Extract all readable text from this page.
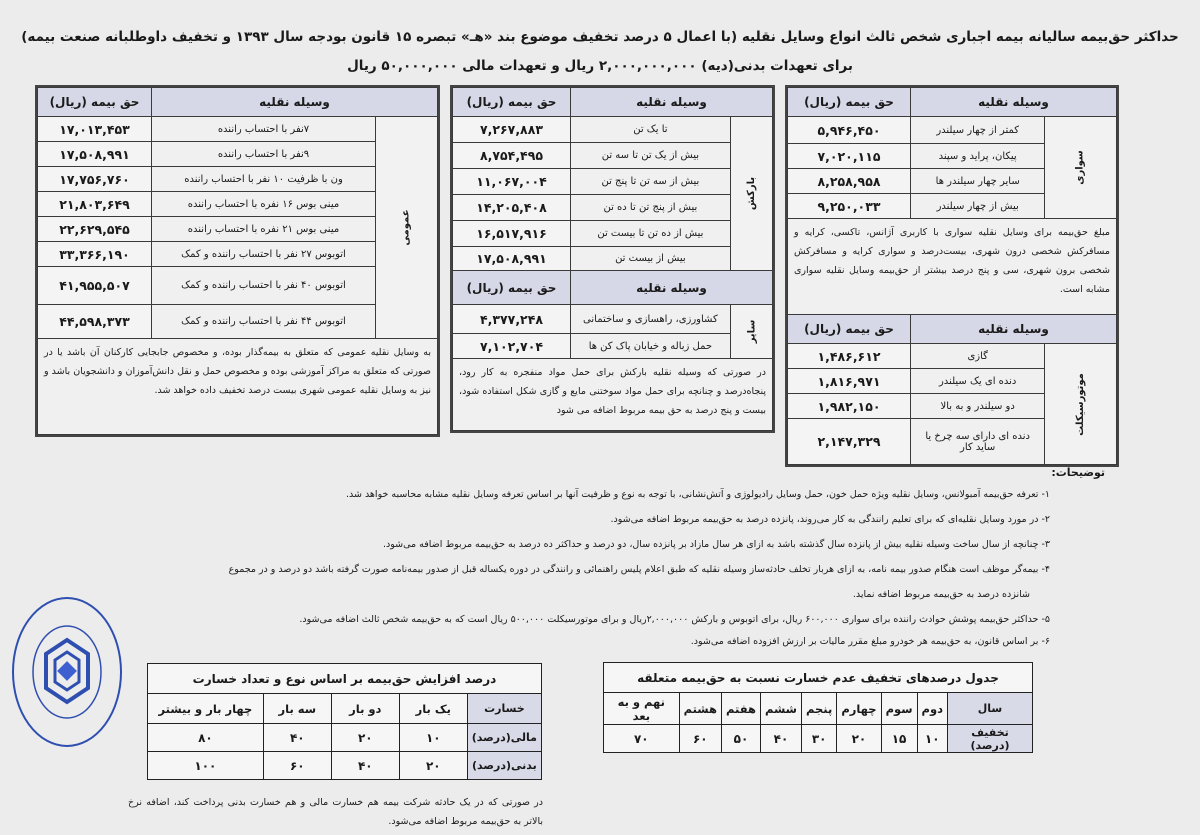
حداکثر حق‌بیمه سالیانه بیمه اجباری شخص ثالث انواع وسایل نقلیه (با اعمال ۵ درصد تخفیف موضوع بند «هـ» تبصره ۱۵ قانون بودجه سال ۱۳۹۳ و تخفیف داوطلبانه صنعت بیمه)
برای تعهدات بدنی(دیه) ۲,۰۰۰,۰۰۰,۰۰۰ ریال و تعهدات مالی ۵۰,۰۰۰,۰۰۰ ریال
وسیله نقلیه		حق بیمه (ریال)
سواری	کمتر از چهار سیلندر	۵,۹۴۶,۴۵۰
	پیکان، پراید و سپند	۷,۰۲۰,۱۱۵
	سایر چهار سیلندر ها	۸,۲۵۸,۹۵۸
	بیش از چهار سیلندر	۹,۲۵۰,۰۳۳
مبلغ حق‌بیمه برای وسایل نقلیه سواری با کاربری آژانس، تاکسی، کرایه و مسافرکش شخصی درون شهری، بیست‌درصد و سواری کرایه و مسافرکش شخصی برون شهری، سی و پنج درصد بیشتر از حق‌بیمه وسایل نقلیه سواری مشابه است.		
وسیله نقلیه		حق بیمه (ریال)
موتورسیکلت	گازی	۱,۴۸۶,۶۱۲
	دنده ای یک سیلندر	۱,۸۱۶,۹۷۱
	دو سیلندر و به بالا	۱,۹۸۲,۱۵۰
	دنده ای دارای سه چرخ یا ساید کار	۲,۱۴۷,۳۲۹
وسیله نقلیه		حق بیمه (ریال)
بارکش	تا یک تن	۷,۲۶۷,۸۸۳
	بیش از یک تن تا سه تن	۸,۷۵۴,۴۹۵
	بیش از سه تن تا پنج تن	۱۱,۰۶۷,۰۰۴
	بیش از پنج تن تا ده تن	۱۴,۲۰۵,۴۰۸
	بیش از ده تن تا بیست تن	۱۶,۵۱۷,۹۱۶
	بیش از بیست تن	۱۷,۵۰۸,۹۹۱
وسیله نقلیه		حق بیمه (ریال)
سایر	کشاورزی، راهسازی و ساختمانی	۴,۳۷۷,۲۴۸
	حمل زباله و خیابان پاک کن ها	۷,۱۰۲,۷۰۴
در صورتی که وسیله نقلیه بارکش برای حمل مواد منفجره به کار رود، پنجاه‌درصد و چنانچه برای حمل مواد سوختنی مایع و گازی شکل استفاده شود، بیست و پنج درصد به حق بیمه مربوط اضافه می شود		
وسیله نقلیه		حق بیمه (ریال)
عمومی	۷نفر با احتساب راننده	۱۷,۰۱۳,۴۵۳
	۹نفر با احتساب راننده	۱۷,۵۰۸,۹۹۱
	ون با ظرفیت ۱۰ نفر با احتساب راننده	۱۷,۷۵۶,۷۶۰
	مینی بوس ۱۶ نفره با احتساب راننده	۲۱,۸۰۳,۶۴۹
	مینی بوس ۲۱ نفره با احتساب راننده	۲۲,۶۲۹,۵۴۵
	اتوبوس ۲۷ نفر با احتساب راننده و کمک	۳۳,۳۶۶,۱۹۰
	اتوبوس ۴۰ نفر با احتساب راننده و کمک	۴۱,۹۵۵,۵۰۷
	اتوبوس ۴۴ نفر با احتساب راننده و کمک	۴۴,۵۹۸,۳۷۳
به وسایل نقلیه عمومی که متعلق به بیمه‌گذار بوده، و مخصوص جابجایی کارکنان آن باشد یا در صورتی که متعلق به مراکز آموزشی بوده و مخصوص حمل و نقل دانش‌آموزان و دانشجویان باشد و نیز به وسایل نقلیه عمومی شهری بیست درصد تخفیف داده خواهد شد.		
توضیحات:
۱- تعرفه حق‌بیمه آمبولانس، وسایل نقلیه ویژه حمل خون، حمل وسایل رادیولوژی و آتش‌نشانی، با توجه به نوع و ظرفیت آنها بر اساس تعرفه وسایل نقلیه مشابه محاسبه خواهد شد.
۲- در مورد وسایل نقلیه‌ای که برای تعلیم رانندگی به کار می‌روند، پانزده درصد به حق‌بیمه مربوط اضافه می‌شود.
۳- چنانچه از سال ساخت وسیله نقلیه بیش از پانزده سال گذشته باشد به ازای هر سال مازاد بر پانزده سال، دو درصد و حداکثر ده درصد به حق‌بیمه مربوط اضافه می‌شود.
۴- بیمه‌گر موظف است هنگام صدور بیمه نامه، به ازای هربار تخلف حادثه‌ساز وسیله نقلیه که طبق اعلام پلیس راهنمائی و رانندگی در دوره یکساله قبل از صدور بیمه‌نامه صورت گرفته باشد دو درصد و در مجموع
شانزده درصد به حق‌بیمه مربوط اضافه نماید.
۵- حداکثر حق‌بیمه پوشش حوادث راننده برای سواری ۶۰۰,۰۰۰ ریال، برای اتوبوس و بارکش ۲,۰۰۰,۰۰۰ریال و برای موتورسیکلت ۵۰۰,۰۰۰ ریال است که به حق‌بیمه شخص ثالث اضافه می‌شود.
۶- بر اساس قانون، به حق‌بیمه هر خودرو مبلغ مقرر مالیات بر ارزش افزوده اضافه می‌شود.
جدول درصدهای تخفیف عدم خسارت نسبت به حق‌بیمه متعلقه								
سال	دوم	سوم	چهارم	پنجم	ششم	هفتم	هشتم	نهم و به بعد
تخفیف (درصد)	۱۰	۱۵	۲۰	۳۰	۴۰	۵۰	۶۰	۷۰
درصد افزایش حق‌بیمه بر اساس نوع و تعداد خسارت				
خسارت	یک بار	دو بار	سه بار	چهار بار و بیشتر
مالی(درصد)	۱۰	۲۰	۴۰	۸۰
بدنی(درصد)	۲۰	۴۰	۶۰	۱۰۰
در صورتی که در یک حادثه شرکت بیمه هم خسارت مالی و هم خسارت بدنی پرداخت کند، اضافه نرخ بالاتر به حق‌بیمه مربوط اضافه می‌شود.
